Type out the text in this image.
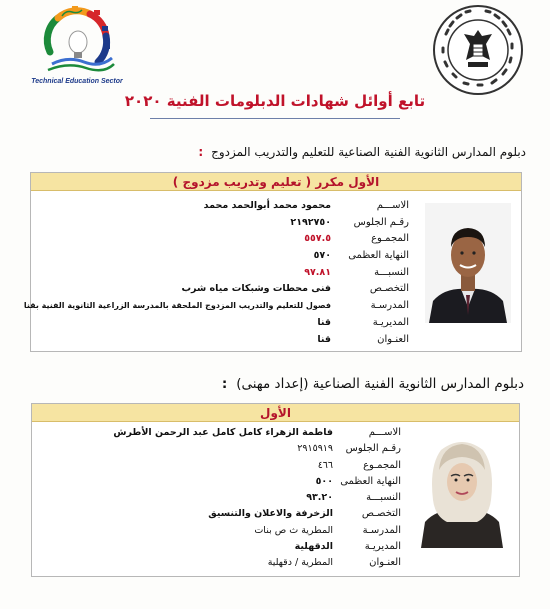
Technical Education Sector
تابع أوائل شهادات الدبلومات الفنية ٢٠٢٠
دبلوم المدارس الثانوية الفنية الصناعية للتعليم والتدريب المزدوج  :
الأول مكرر ( تعليم وتدريب مزدوج )
الاســـم
رقـم الجلوس
المجمـوع
النهاية العظمى
النسبـــة
التخصـص
المدرسـة
المديريـة
العنـوان
محمود محمد أبوالحمد محمد
٢١٩٢٧٥٠
٥٥٧.٥
٥٧٠
٩٧.٨١
فنى محطات وشبكات مياه شرب
فصول للتعليم والتدريب المزدوج الملحقة بالمدرسة الزراعية الثانوية الفنية بقنا
قنا
قنا
دبلوم المدارس الثانوية الفنية الصناعية (إعداد مهنى)  :
الأول
الاســـم
رقـم الجلوس
المجمـوع
النهاية العظمى
النسبـــة
التخصـص
المدرسـة
المديريـة
العنـوان
فاطمة الزهراء كامل كامل عبد الرحمن الأطرش
٢٩١٥٩١٩
٤٦٦
٥٠٠
٩٣.٢٠
الزخرفة والاعلان والتنسيق
المطرية ث ص بنات
الدقهلية
المطرية / دقهلية
